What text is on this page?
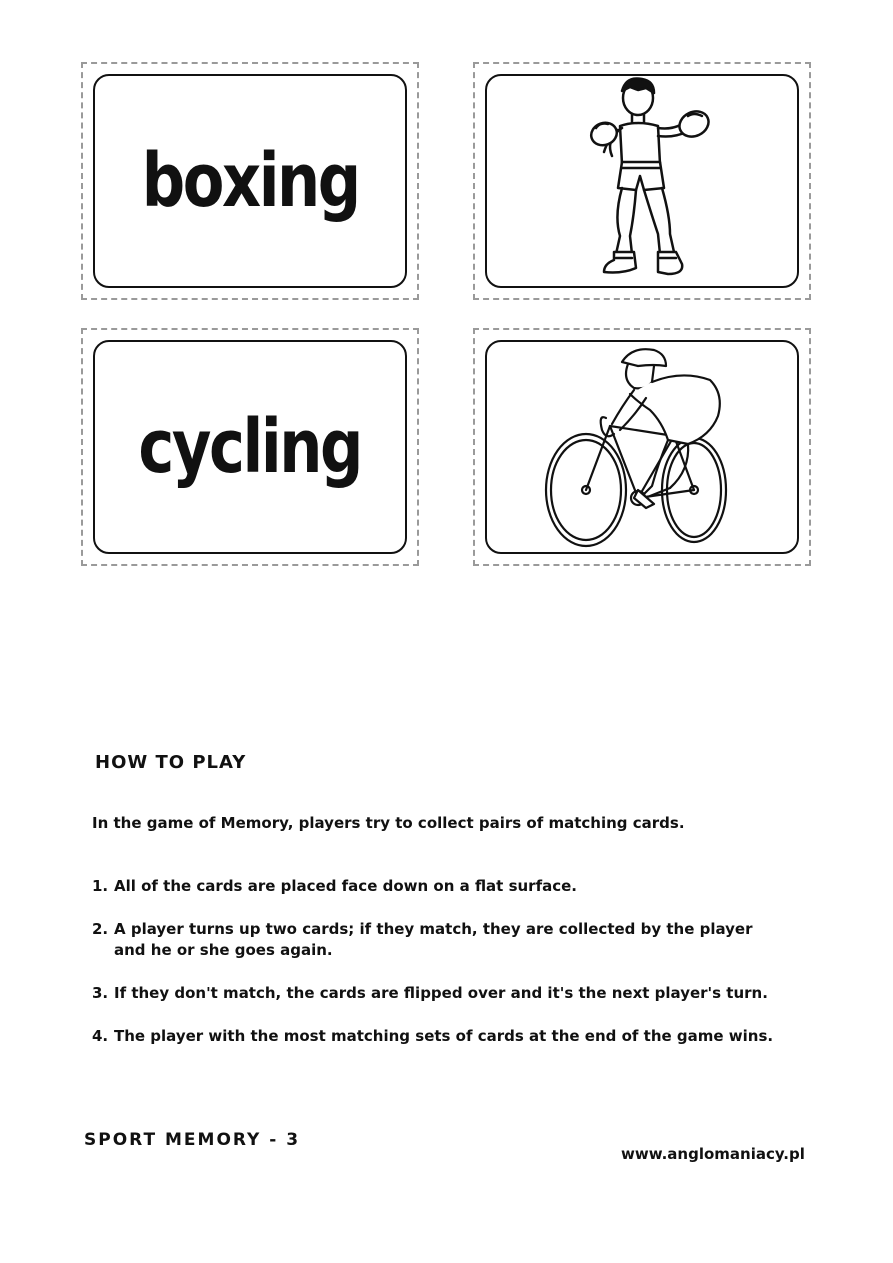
boxing
cycling
HOW TO PLAY

In the game of Memory, players try to collect pairs of matching cards.

1. All of the cards are placed face down on a flat surface.
2. A player turns up two cards; if they match, they are collected by the player
and he or she goes again.
3. If they don't match, the cards are flipped over and it's the next player's turn.
4. The player with the most matching sets of cards at the end of the game wins.
SPORT MEMORY - 3
www.anglomaniacy.pl
